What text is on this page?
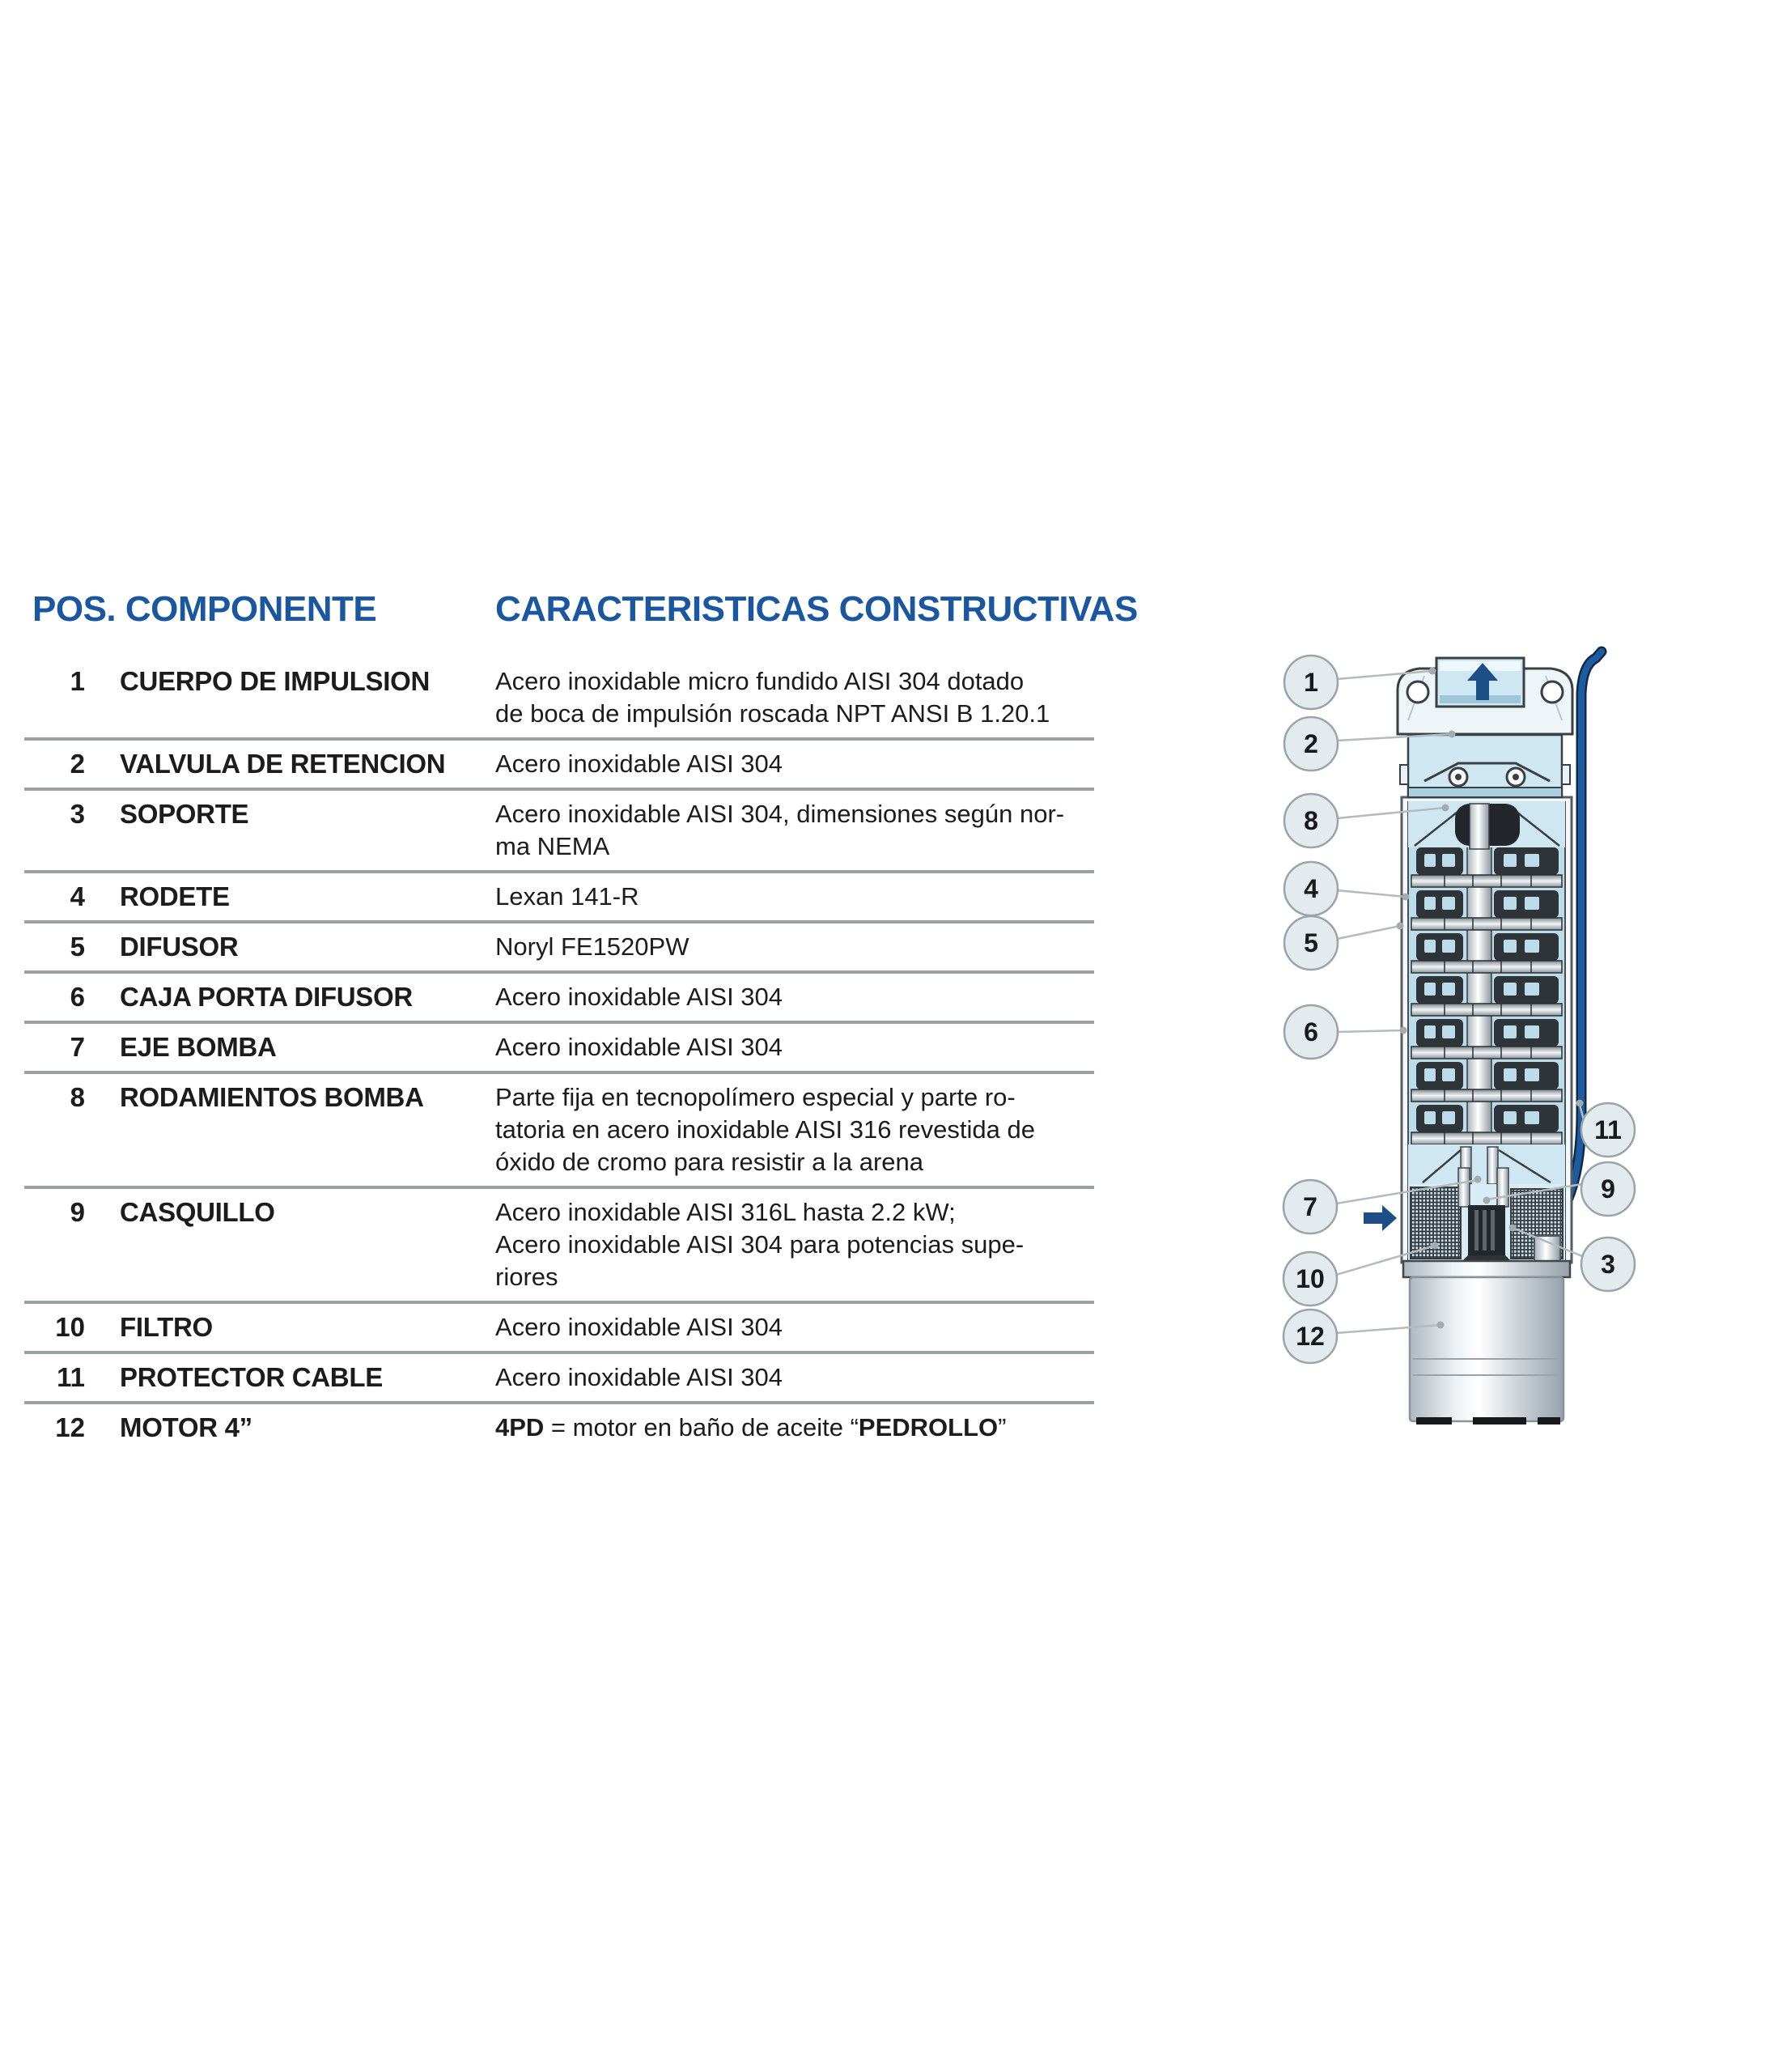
POS. COMPONENTE	CARACTERISTICAS CONSTRUCTIVAS
1	CUERPO DE IMPULSION	Acero inoxidable micro fundido AISI 304 dotado
de boca de impulsión roscada NPT ANSI B 1.20.1
2	VALVULA DE RETENCION	Acero inoxidable AISI 304
3	SOPORTE	Acero inoxidable AISI 304, dimensiones según nor-
ma NEMA
4	RODETE	Lexan 141-R
5	DIFUSOR	Noryl FE1520PW
6	CAJA PORTA DIFUSOR	Acero inoxidable AISI 304
7	EJE BOMBA	Acero inoxidable AISI 304
8	RODAMIENTOS BOMBA	Parte fija en tecnopolímero especial y parte ro-
tatoria en acero inoxidable AISI 316 revestida de
óxido de cromo para resistir a la arena
9	CASQUILLO	Acero inoxidable AISI 316L hasta 2.2 kW;
Acero inoxidable AISI 304 para potencias supe-
riores
10	FILTRO	Acero inoxidable AISI 304
11	PROTECTOR CABLE	Acero inoxidable AISI 304
12	MOTOR 4”	4PD = motor en baño de aceite “PEDROLLO”
1
2
8
4
5
6
7
10
12
11
9
3
